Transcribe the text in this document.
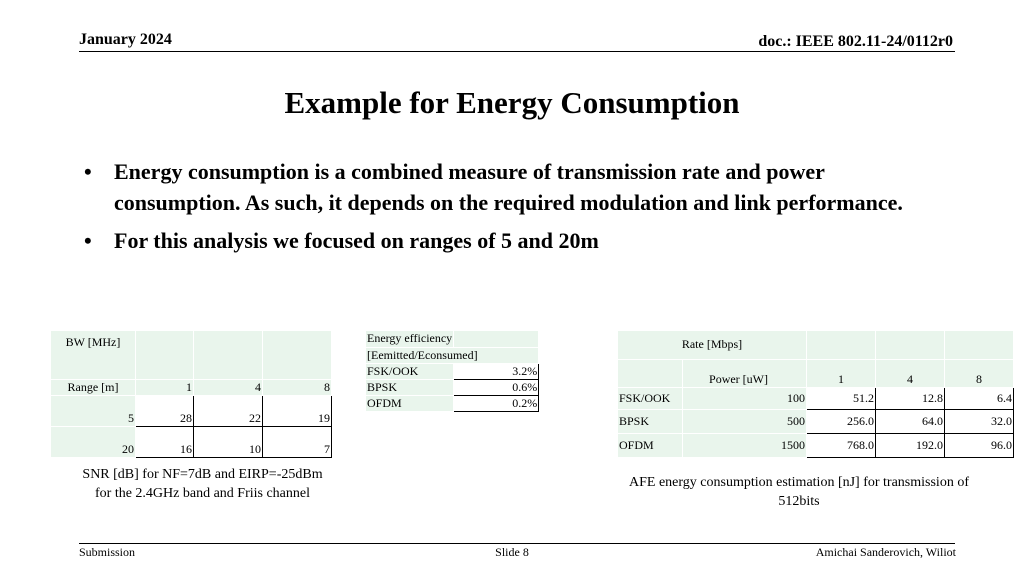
January 2024	doc.: IEEE 802.11-24/0112r0
Example for Energy Consumption
• Energy consumption is a combined measure of transmission rate and power consumption. As such, it depends on the required modulation and link performance.
• For this analysis we focused on ranges of 5 and 20m
BW [MHz]			
Range [m]	1	4	8
5	28	22	19
20	16	10	7
SNR [dB] for NF=7dB and EIRP=-25dBm
for the 2.4GHz band and Friis channel
Energy efficiency	
[Eemitted/Econsumed]	
FSK/OOK	3.2%
BPSK	0.6%
OFDM	0.2%
Rate [Mbps]				
	Power [uW]	1	4	8
FSK/OOK	100	51.2	12.8	6.4
BPSK	500	256.0	64.0	32.0
OFDM	1500	768.0	192.0	96.0
AFE energy consumption estimation [nJ] for transmission of
512bits
Submission	Slide 8	Amichai Sanderovich, Wiliot
